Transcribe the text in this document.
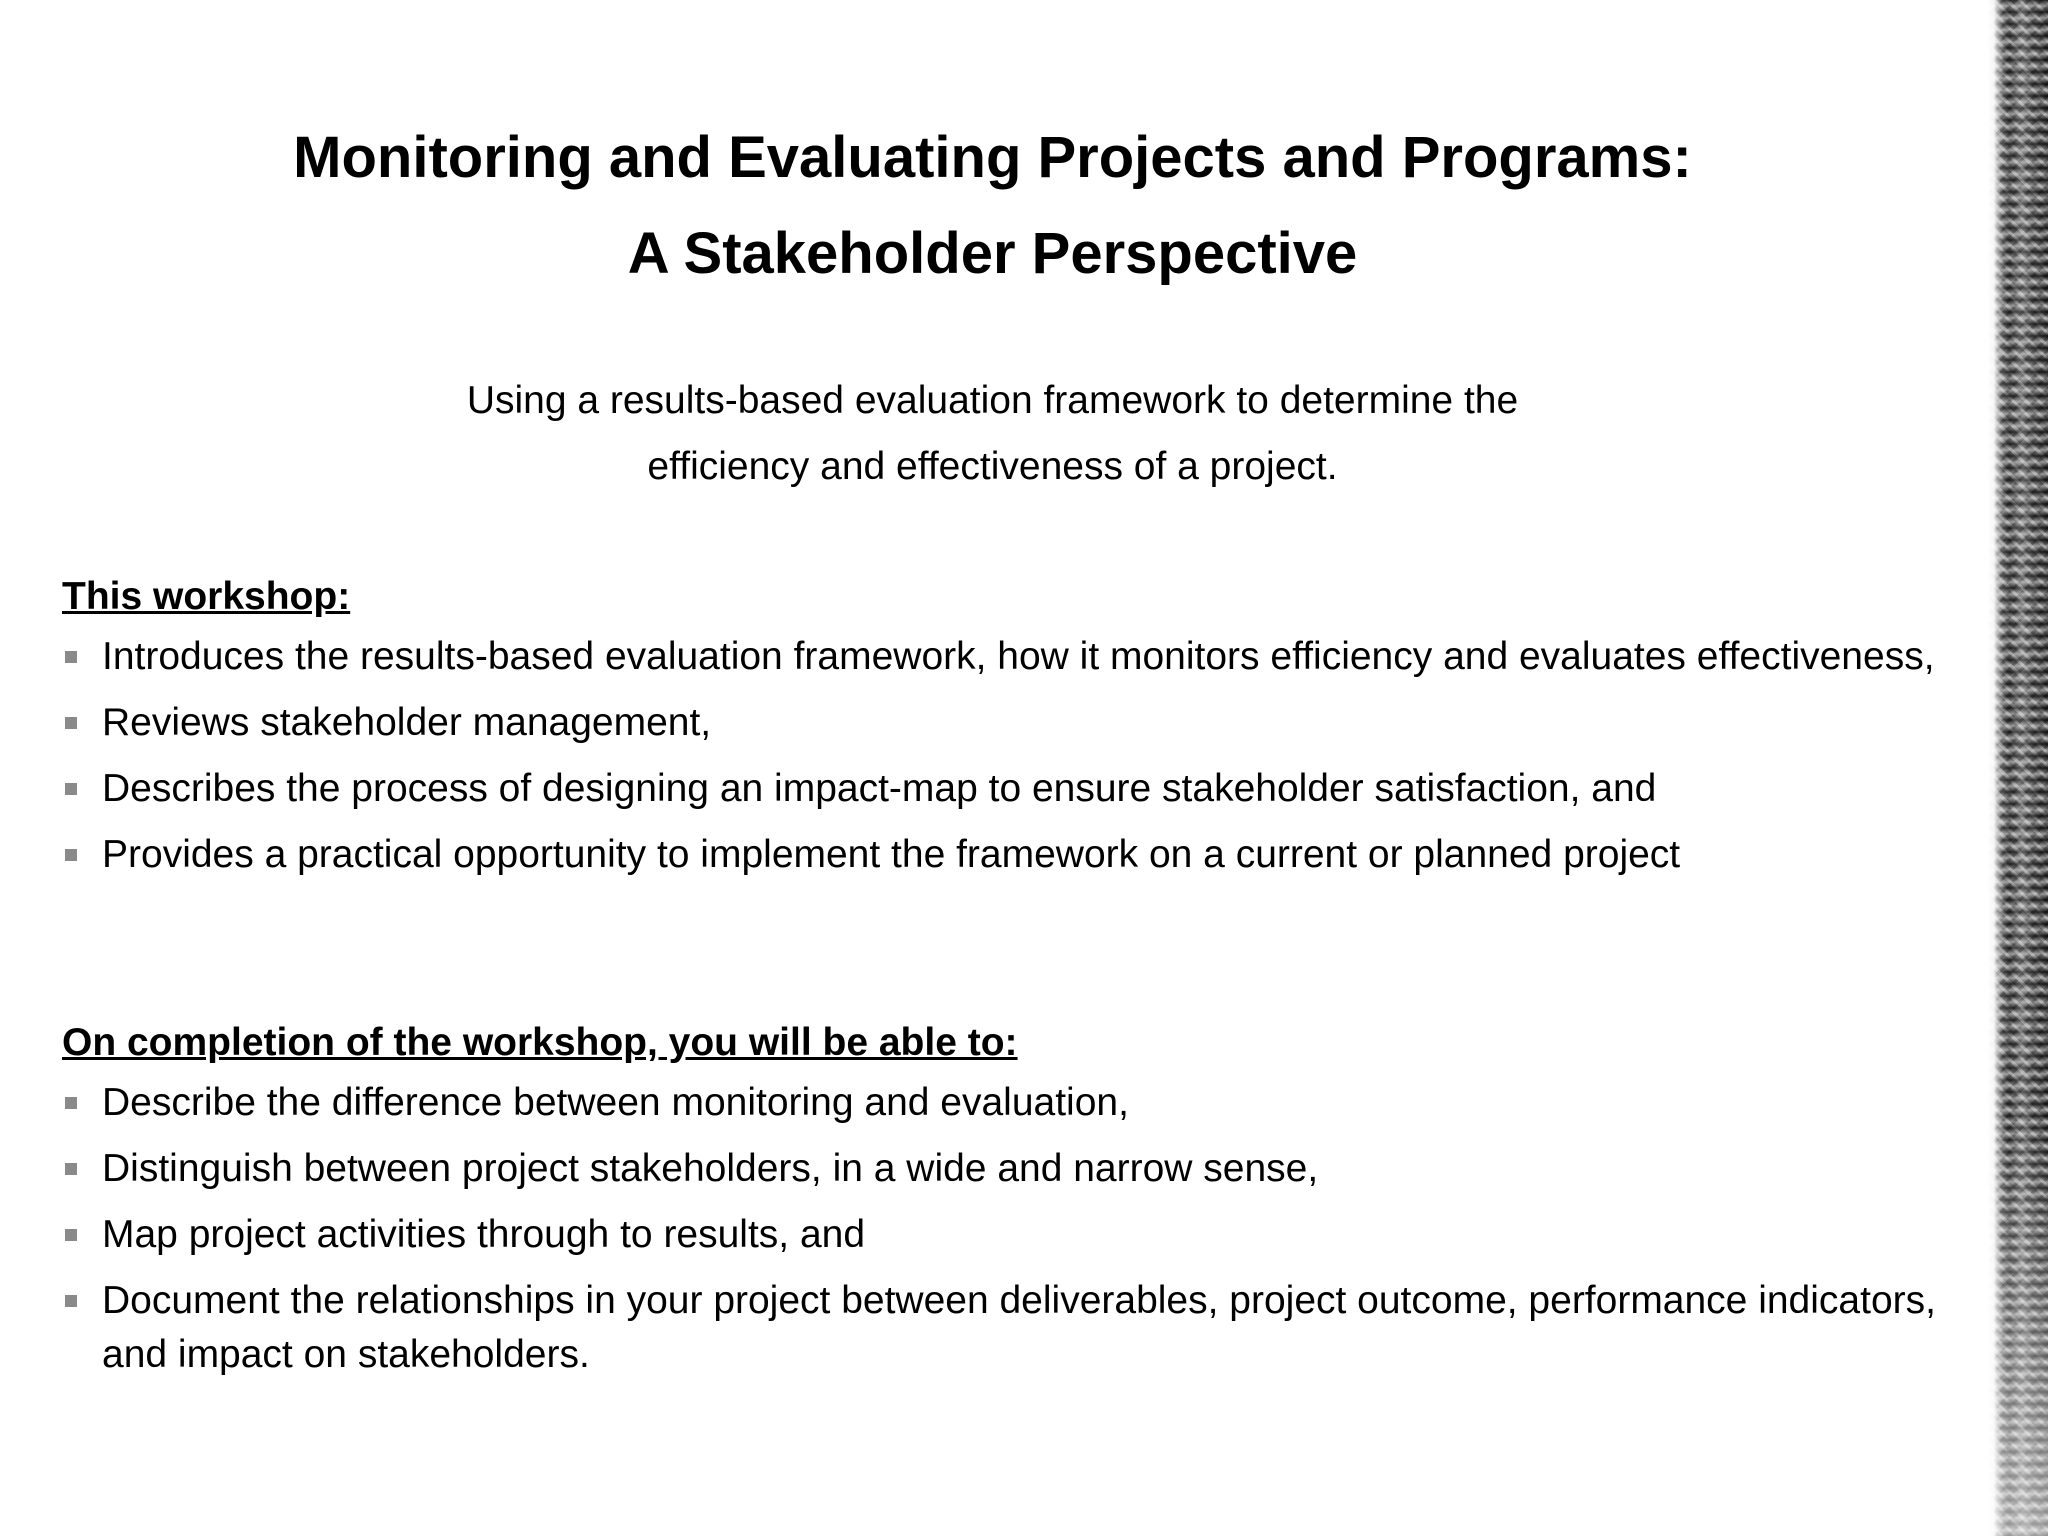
Monitoring and Evaluating Projects and Programs:
A Stakeholder Perspective
Using a results-based evaluation framework to determine the
efficiency and effectiveness of a project.
This workshop:
Introduces the results-based evaluation framework, how it monitors efficiency and evaluates effectiveness,
Reviews stakeholder management,
Describes the process of designing an impact-map to ensure stakeholder satisfaction, and
Provides a practical opportunity to implement the framework on a current or planned project
On completion of the workshop, you will be able to:
Describe the difference between monitoring and evaluation,
Distinguish between project stakeholders, in a wide and narrow sense,
Map project activities through to results, and
Document the relationships in your project between deliverables, project outcome, performance indicators, and impact on stakeholders.
